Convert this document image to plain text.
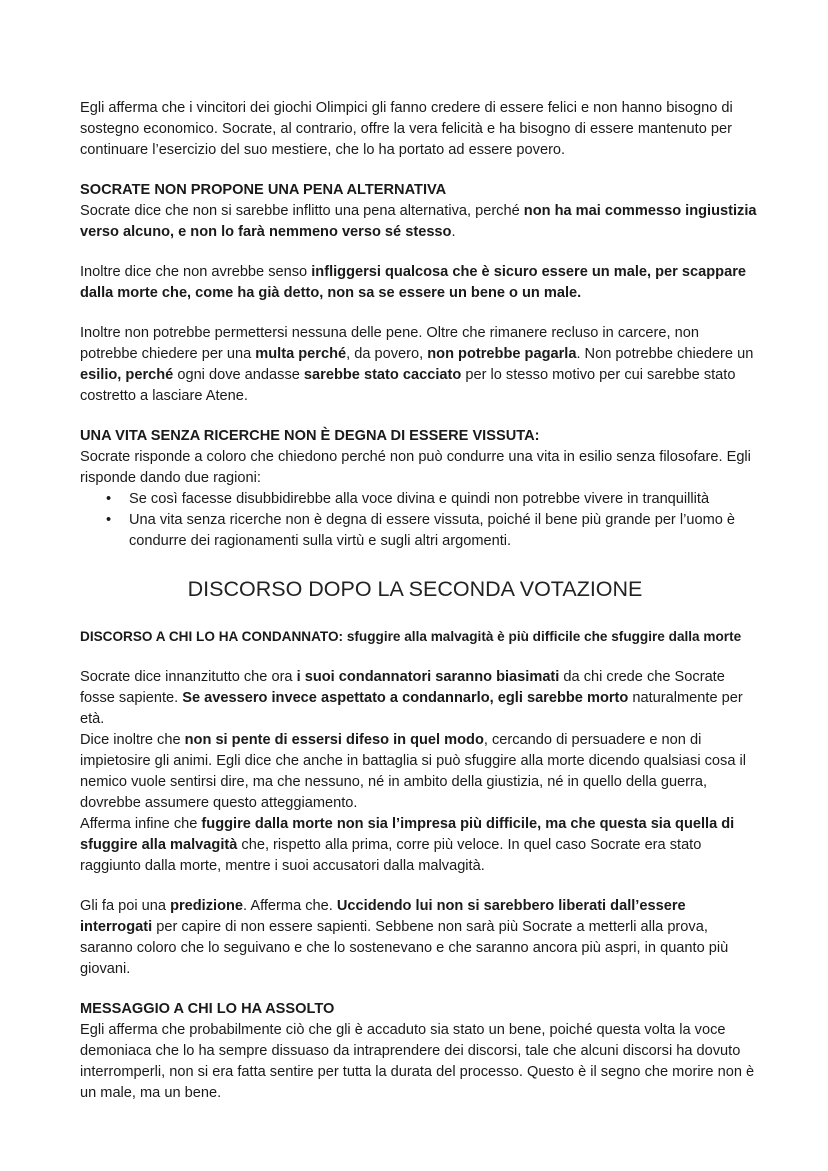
Egli afferma che i vincitori dei giochi Olimpici gli fanno credere di essere felici e non hanno bisogno di sostegno economico. Socrate, al contrario, offre la vera felicità e ha bisogno di essere mantenuto per continuare l’esercizio del suo mestiere, che lo ha portato ad essere povero.

SOCRATE NON PROPONE UNA PENA ALTERNATIVA

Socrate dice che non si sarebbe inflitto una pena alternativa, perché non ha mai commesso ingiustizia verso alcuno, e non lo farà nemmeno verso sé stesso.

Inoltre dice che non avrebbe senso infliggersi qualcosa che è sicuro essere un male, per scappare dalla morte che, come ha già detto, non sa se essere un bene o un male.

Inoltre non potrebbe permettersi nessuna delle pene. Oltre che rimanere recluso in carcere, non potrebbe chiedere per una multa perché, da povero, non potrebbe pagarla. Non potrebbe chiedere un esilio, perché ogni dove andasse sarebbe stato cacciato per lo stesso motivo per cui sarebbe stato costretto a lasciare Atene.

UNA VITA SENZA RICERCHE NON È DEGNA DI ESSERE VISSUTA:

Socrate risponde a coloro che chiedono perché non può condurre una vita in esilio senza filosofare. Egli risponde dando due ragioni:

• Se così facesse disubbidirebbe alla voce divina e quindi non potrebbe vivere in tranquillità
• Una vita senza ricerche non è degna di essere vissuta, poiché il bene più grande per l’uomo è condurre dei ragionamenti sulla virtù e sugli altri argomenti.
DISCORSO DOPO LA SECONDA VOTAZIONE

DISCORSO A CHI LO HA CONDANNATO: sfuggire alla malvagità è più difficile che sfuggire dalla morte

Socrate dice innanzitutto che ora i suoi condannatori saranno biasimati da chi crede che Socrate fosse sapiente. Se avessero invece aspettato a condannarlo, egli sarebbe morto naturalmente per età.

Dice inoltre che non si pente di essersi difeso in quel modo, cercando di persuadere e non di impietosire gli animi. Egli dice che anche in battaglia si può sfuggire alla morte dicendo qualsiasi cosa il nemico vuole sentirsi dire, ma che nessuno, né in ambito della giustizia, né in quello della guerra, dovrebbe assumere questo atteggiamento.

Afferma infine che fuggire dalla morte non sia l’impresa più difficile, ma che questa sia quella di sfuggire alla malvagità che, rispetto alla prima, corre più veloce. In quel caso Socrate era stato raggiunto dalla morte, mentre i suoi accusatori dalla malvagità.

Gli fa poi una predizione. Afferma che. Uccidendo lui non si sarebbero liberati dall’essere interrogati per capire di non essere sapienti. Sebbene non sarà più Socrate a metterli alla prova, saranno coloro che lo seguivano e che lo sostenevano e che saranno ancora più aspri, in quanto più giovani.

MESSAGGIO A CHI LO HA ASSOLTO

Egli afferma che probabilmente ciò che gli è accaduto sia stato un bene, poiché questa volta la voce demoniaca che lo ha sempre dissuaso da intraprendere dei discorsi, tale che alcuni discorsi ha dovuto interromperli, non si era fatta sentire per tutta la durata del processo. Questo è il segno che morire non è un male, ma un bene.
